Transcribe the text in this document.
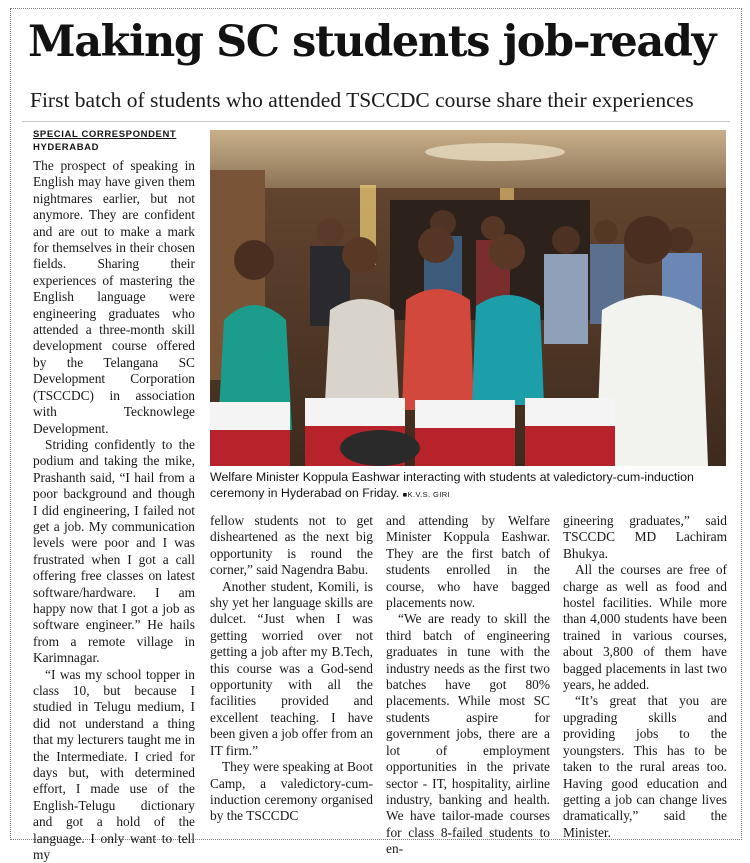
Making SC students job-ready
First batch of students who attended TSCCDC course share their experiences
SPECIAL CORRESPONDENT
HYDERABAD

The prospect of speaking in English may have given them nightmares earlier, but not anymore. They are confident and are out to make a mark for themselves in their chosen fields. Sharing their experiences of mastering the English language were engineering graduates who attended a three-month skill development course offered by the Telangana SC Development Corporation (TSCCDC) in association with Tecknowlege Development.

Striding confidently to the podium and taking the mike, Prashanth said, “I hail from a poor background and though I did engineering, I failed not get a job. My communication levels were poor and I was frustrated when I got a call offering free classes on latest software/hardware. I am happy now that I got a job as software engineer.” He hails from a remote village in Karimnagar.

“I was my school topper in class 10, but because I studied in Telugu medium, I did not understand a thing that my lecturers taught me in the Intermediate. I cried for days but, with determined effort, I made use of the English-Telugu dictionary and got a hold of the language. I only want to tell my

Welfare Minister Koppula Eashwar interacting with students at valedictory-cum-induction ceremony in Hyderabad on Friday. ■K.V.S. GIRI

fellow students not to get disheartened as the next big opportunity is round the corner,” said Nagendra Babu.

Another student, Komili, is shy yet her language skills are dulcet. “Just when I was getting worried over not getting a job after my B.Tech, this course was a God-send opportunity with all the facilities provided and excellent teaching. I have been given a job offer from an IT firm.”

They were speaking at Boot Camp, a valedictory-cum-induction ceremony organised by the TSCCDC

and attending by Welfare Minister Koppula Eashwar. They are the first batch of students enrolled in the course, who have bagged placements now.

“We are ready to skill the third batch of engineering graduates in tune with the industry needs as the first two batches have got 80% placements. While most SC students aspire for government jobs, there are a lot of employment opportunities in the private sector - IT, hospitality, airline industry, banking and health. We have tailor-made courses for class 8-failed students to en-

gineering graduates,” said TSCCDC MD Lachiram Bhukya.

All the courses are free of charge as well as food and hostel facilities. While more than 4,000 students have been trained in various courses, about 3,800 of them have bagged placements in last two years, he added.

“It’s great that you are upgrading skills and providing jobs to the youngsters. This has to be taken to the rural areas too. Having good education and getting a job can change lives dramatically,” said the Minister.
